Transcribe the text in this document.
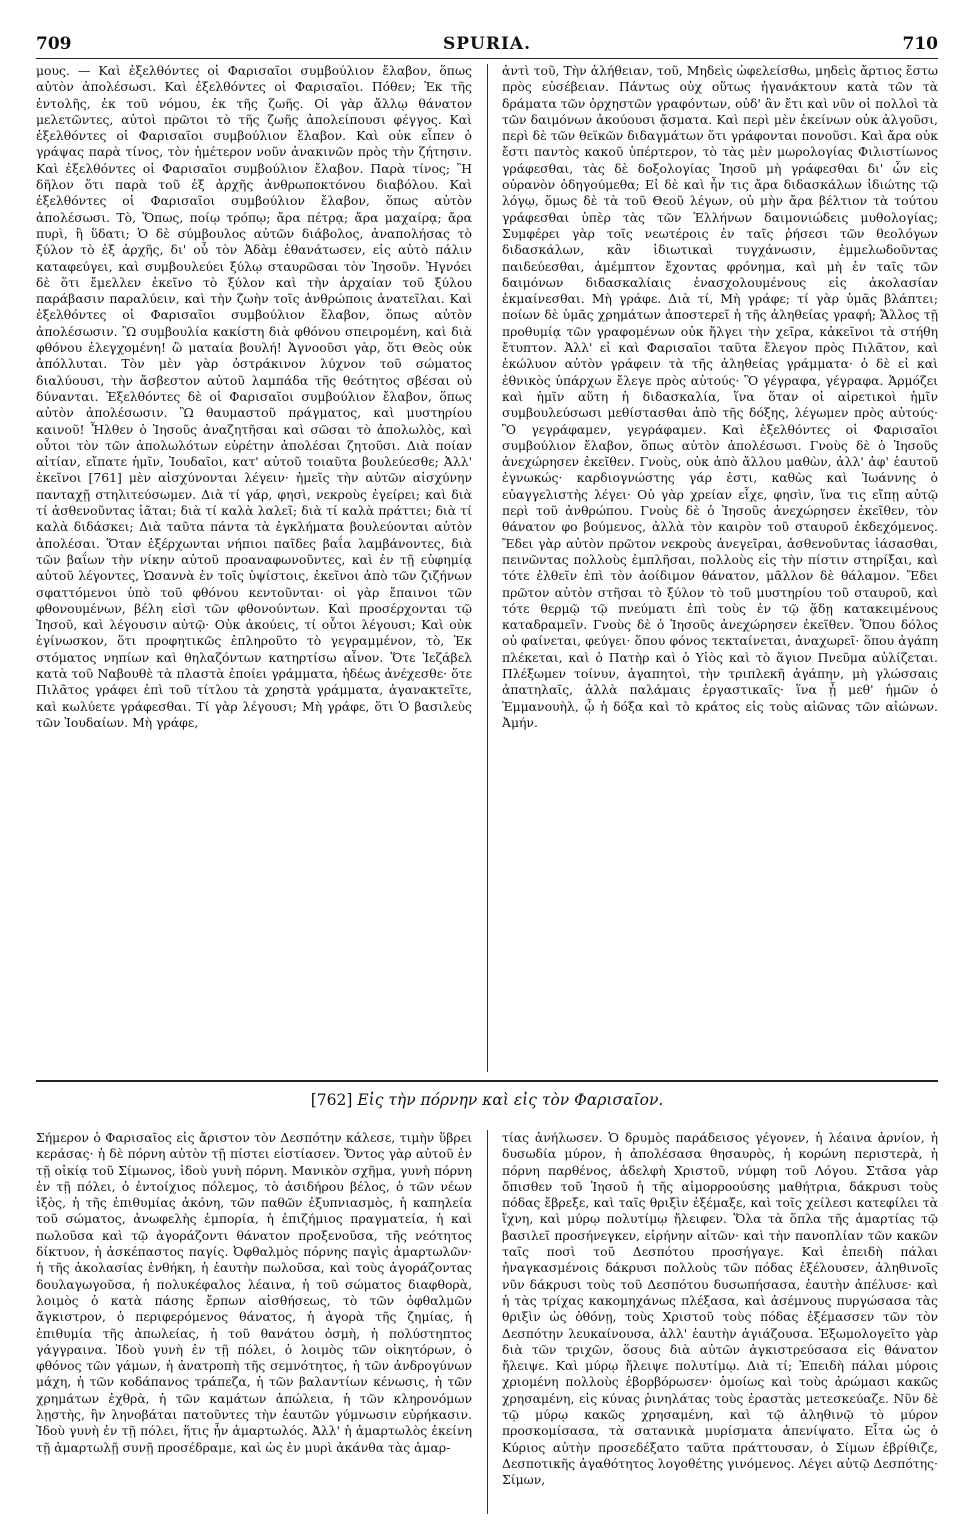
709	SPURIA.	710

μους. — Καὶ ἐξελθόντες οἱ Φαρισαῖοι συμβούλιον ἔλαβον, ὅπως αὐτὸν ἀπολέσωσι. Καὶ ἐξελθόντες οἱ Φαρισαῖοι. Πόθεν; Ἐκ τῆς ἐντολῆς, ἐκ τοῦ νόμου, ἐκ τῆς ζωῆς. Οἱ γὰρ ἄλλῳ θάνατον μελετῶντες, αὐτοὶ πρῶτοι τὸ τῆς ζωῆς ἀπολείπουσι φέγγος. Καὶ ἐξελθόντες οἱ Φαρισαῖοι συμβούλιον ἔλαβον. Καὶ οὐκ εἶπεν ὁ γράψας παρὰ τίνος, τὸν ἡμέτερον νοῦν ἀνακινῶν πρὸς τὴν ζήτησιν. Καὶ ἐξελθόντες οἱ Φαρισαῖοι συμβούλιον ἔλαβον. Παρὰ τίνος; Ἢ δῆλον ὅτι παρὰ τοῦ ἐξ ἀρχῆς ἀνθρωποκτόνου διαβόλου. Καὶ ἐξελθόντες οἱ Φαρισαῖοι συμβούλιον ἔλαβον, ὅπως αὐτὸν ἀπολέσωσι. Τὸ, Ὅπως, ποίῳ τρόπῳ; ἄρα πέτρᾳ; ἄρα μαχαίρᾳ; ἄρα πυρὶ, ἢ ὕδατι; Ὁ δὲ σύμβουλος αὐτῶν διάβολος, ἀναπολήσας τὸ ξύλον τὸ ἐξ ἀρχῆς, δι' οὗ τὸν Ἀδὰμ ἐθανάτωσεν, εἰς αὐτὸ πάλιν καταφεύγει, καὶ συμβουλεύει ξύλῳ σταυρῶσαι τὸν Ἰησοῦν. Ἠγνόει δὲ ὅτι ἔμελλεν ἐκεῖνο τὸ ξύλον καὶ τὴν ἀρχαίαν τοῦ ξύλου παράβασιν παραλύειν, καὶ τὴν ζωὴν τοῖς ἀνθρώποις ἀνατεῖλαι. Καὶ ἐξελθόντες οἱ Φαρισαῖοι συμβούλιον ἔλαβον, ὅπως αὐτὸν ἀπολέσωσιν. Ὢ συμβουλία κακίστη διὰ φθόνου σπειρομένη, καὶ διὰ φθόνου ἐλεγχομένη! ὢ ματαία βουλή! Ἀγνοοῦσι γὰρ, ὅτι Θεὸς οὐκ ἀπόλλυται. Τὸν μὲν γὰρ ὀστράκινον λύχνον τοῦ σώματος διαλύουσι, τὴν ἄσβεστον αὐτοῦ λαμπάδα τῆς θεότητος σβέσαι οὐ δύνανται. Ἐξελθόντες δὲ οἱ Φαρισαῖοι συμβούλιον ἔλαβον, ὅπως αὐτὸν ἀπολέσωσιν. Ὢ θαυμαστοῦ πράγματος, καὶ μυστηρίου καινοῦ! Ἦλθεν ὁ Ἰησοῦς ἀναζητῆσαι καὶ σῶσαι τὸ ἀπολωλὸς, καὶ οὗτοι τὸν τῶν ἀπολωλότων εὑρέτην ἀπολέσαι ζητοῦσι. Διὰ ποίαν αἰτίαν, εἴπατε ἡμῖν, Ἰουδαῖοι, κατ' αὐτοῦ τοιαῦτα βουλεύεσθε; Ἀλλ' ἐκεῖνοι [761] μὲν αἰσχύνονται λέγειν· ἡμεῖς τὴν αὐτῶν αἰσχύνην πανταχῇ στηλιτεύσωμεν. Διὰ τί γάρ, φησὶ, νεκροὺς ἐγείρει; καὶ διὰ τί ἀσθενοῦντας ἰᾶται; διὰ τί καλὰ λαλεῖ; διὰ τί καλὰ πράττει; διὰ τί καλὰ διδάσκει; Διὰ ταῦτα πάντα τὰ ἐγκλήματα βουλεύονται αὐτὸν ἀπολέσαι. Ὅταν ἐξέρχωνται νήπιοι παῖδες βαΐα λαμβάνοντες, διὰ τῶν βαΐων τὴν νίκην αὐτοῦ προαναφωνοῦντες, καὶ ἐν τῇ εὐφημίᾳ αὐτοῦ λέγοντες, Ὡσαννὰ ἐν τοῖς ὑψίστοις, ἐκεῖνοι ἀπὸ τῶν ζιζήνων σφαττόμενοι ὑπὸ τοῦ φθόνου κεντοῦνται· οἱ γὰρ ἔπαινοι τῶν φθονουμένων, βέλη εἰσὶ τῶν φθονούντων. Καὶ προσέρχονται τῷ Ἰησοῦ, καὶ λέγουσιν αὐτῷ· Οὐκ ἀκούεις, τί οὗτοι λέγουσι; Καὶ οὐκ ἐγίνωσκον, ὅτι προφητικῶς ἐπληροῦτο τὸ γεγραμμένον, τὸ, Ἐκ στόματος νηπίων καὶ θηλαζόντων κατηρτίσω αἶνον. Ὅτε Ἰεζάβελ κατὰ τοῦ Ναβουθὲ τὰ πλαστὰ ἐποίει γράμματα, ἡδέως ἀνέχεσθε· ὅτε Πιλᾶτος γράφει ἐπὶ τοῦ τίτλου τὰ χρηστὰ γράμματα, ἀγανακτεῖτε, καὶ κωλύετε γράφεσθαι. Τί γὰρ λέγουσι; Μὴ γράφε, ὅτι Ὁ βασιλεὺς τῶν Ἰουδαίων. Μὴ γράφε,

ἀντὶ τοῦ, Τὴν ἀλήθειαν, τοῦ, Μηδεὶς ὠφελείσθω, μηδεὶς ἄρτιος ἔστω πρὸς εὐσέβειαν. Πάντως οὐχ οὕτως ἠγανάκτουν κατὰ τῶν τὰ δράματα τῶν ὀρχηστῶν γραφόντων, οὐδ' ἂν ἔτι καὶ νῦν οἱ πολλοὶ τὰ τῶν δαιμόνων ἀκούουσι ᾄσματα. Καὶ περὶ μὲν ἐκείνων οὐκ ἀλγοῦσι, περὶ δὲ τῶν θεϊκῶν διδαγμάτων ὅτι γράφονται πονοῦσι. Καὶ ἄρα οὐκ ἔστι παντὸς κακοῦ ὑπέρτερον, τὸ τὰς μὲν μωρολογίας Φιλιστίωνος γράφεσθαι, τὰς δὲ δοξολογίας Ἰησοῦ μὴ γράφεσθαι δι' ὧν εἰς οὐρανὸν ὁδηγούμεθα; Εἰ δὲ καὶ ἦν τις ἄρα διδασκάλων ἰδιώτης τῷ λόγῳ, ὅμως δὲ τὰ τοῦ Θεοῦ λέγων, οὐ μὴν ἄρα βέλτιον τὰ τούτου γράφεσθαι ὑπὲρ τὰς τῶν Ἑλλήνων δαιμονιώδεις μυθολογίας; Συμφέρει γὰρ τοῖς νεωτέροις ἐν ταῖς ῥήσεσι τῶν θεολόγων διδασκάλων, κἂν ἰδιωτικαὶ τυγχάνωσιν, ἐμμελωδοῦντας παιδεύεσθαι, ἀμέμπτον ἔχοντας φρόνημα, καὶ μὴ ἐν ταῖς τῶν δαιμόνων διδασκαλίαις ἐνασχολουμένους εἰς ἀκολασίαν ἐκμαίνεσθαι. Μὴ γράφε. Διὰ τί, Μὴ γράφε; τί γὰρ ὑμᾶς βλάπτει; ποίων δὲ ὑμᾶς χρημάτων ἀποστερεῖ ἡ τῆς ἀληθείας γραφή; Ἄλλος τῇ προθυμίᾳ τῶν γραφομένων οὐκ ἤλγει τὴν χεῖρα, κἀκεῖνοι τὰ στήθη ἔτυπτον. Ἀλλ' εἰ καὶ Φαρισαῖοι ταῦτα ἔλεγον πρὸς Πιλᾶτον, καὶ ἐκώλυον αὐτὸν γράφειν τὰ τῆς ἀληθείας γράμματα· ὁ δὲ εἰ καὶ ἐθνικὸς ὑπάρχων ἔλεγε πρὸς αὐτούς· Ὃ γέγραφα, γέγραφα. Ἁρμόζει καὶ ἡμῖν αὕτη ἡ διδασκαλία, ἵνα ὅταν οἱ αἱρετικοὶ ἡμῖν συμβουλεύσωσι μεθίστασθαι ἀπὸ τῆς δόξης, λέγωμεν πρὸς αὐτούς· Ὃ γεγράφαμεν, γεγράφαμεν. Καὶ ἐξελθόντες οἱ Φαρισαῖοι συμβούλιον ἔλαβον, ὅπως αὐτὸν ἀπολέσωσι. Γνοὺς δὲ ὁ Ἰησοῦς ἀνεχώρησεν ἐκεῖθεν. Γνοὺς, οὐκ ἀπὸ ἄλλου μαθὼν, ἀλλ' ἀφ' ἑαυτοῦ ἐγνωκώς· καρδιογνώστης γάρ ἐστι, καθὼς καὶ Ἰωάννης ὁ εὐαγγελιστὴς λέγει· Οὐ γὰρ χρείαν εἶχε, φησὶν, ἵνα τις εἴπῃ αὐτῷ περὶ τοῦ ἀνθρώπου. Γνοὺς δὲ ὁ Ἰησοῦς ἀνεχώρησεν ἐκεῖθεν, τὸν θάνατον φο βούμενος, ἀλλὰ τὸν καιρὸν τοῦ σταυροῦ ἐκδεχόμενος. Ἔδει γὰρ αὐτὸν πρῶτον νεκροὺς ἀνεγεῖραι, ἀσθενοῦντας ἰάσασθαι, πεινῶντας πολλοὺς ἐμπλῆσαι, πολλοὺς εἰς τὴν πίστιν στηρίξαι, καὶ τότε ἐλθεῖν ἐπὶ τὸν ἀοίδιμον θάνατον, μᾶλλον δὲ θάλαμον. Ἔδει πρῶτον αὐτὸν στῆσαι τὸ ξύλον τὸ τοῦ μυστηρίου τοῦ σταυροῦ, καὶ τότε θερμῷ τῷ πνεύματι ἐπὶ τοὺς ἐν τῷ ᾅδῃ κατακειμένους καταδραμεῖν. Γνοὺς δὲ ὁ Ἰησοῦς ἀνεχώρησεν ἐκεῖθεν. Ὅπου δόλος οὐ φαίνεται, φεύγει· ὅπου φόνος τεκταίνεται, ἀναχωρεῖ· ὅπου ἀγάπη πλέκεται, καὶ ὁ Πατὴρ καὶ ὁ Υἱὸς καὶ τὸ ἅγιον Πνεῦμα αὐλίζεται. Πλέξωμεν τοίνυν, ἀγαπητοὶ, τὴν τριπλεκῆ ἀγάπην, μὴ γλώσσαις ἀπατηλαῖς, ἀλλὰ παλάμαις ἐργαστικαῖς· ἵνα ᾖ μεθ' ἡμῶν ὁ Ἐμμανουὴλ, ᾧ ἡ δόξα καὶ τὸ κράτος εἰς τοὺς αἰῶνας τῶν αἰώνων. Ἀμήν.

[762] Εἰς τὴν πόρνην καὶ εἰς τὸν Φαρισαῖον.

Σήμερον ὁ Φαρισαῖος εἰς ἄριστον τὸν Δεσπότην κάλεσε, τιμὴν ὕβρει κεράσας· ἡ δὲ πόρνη αὐτὸν τῇ πίστει εἱστίασεν. Ὄντος γὰρ αὐτοῦ ἐν τῇ οἰκίᾳ τοῦ Σίμωνος, ἰδοὺ γυνὴ πόρνη. Μανικὸν σχῆμα, γυνὴ πόρνη ἐν τῇ πόλει, ὁ ἐντοίχιος πόλεμος, τὸ ἀσιδήρου βέλος, ὁ τῶν νέων ἰξὸς, ἡ τῆς ἐπιθυμίας ἀκόνη, τῶν παθῶν ἐξυπνιασμὸς, ἡ καπηλεία τοῦ σώματος, ἀνωφελὴς ἐμπορία, ἡ ἐπιζήμιος πραγματεία, ἡ καὶ πωλοῦσα καὶ τῷ ἀγοράζοντι θάνατον προξενοῦσα, τῆς νεότητος δίκτυον, ἡ ἀσκέπαστος παγίς. Ὀφθαλμὸς πόρνης παγὶς ἁμαρτωλῶν· ἡ τῆς ἀκολασίας ἐνθήκη, ἡ ἑαυτὴν πωλοῦσα, καὶ τοὺς ἀγοράζοντας δουλαγωγοῦσα, ἡ πολυκέφαλος λέαινα, ἡ τοῦ σώματος διαφθορὰ, λοιμὸς ὁ κατὰ πάσης ἔρπων αἰσθήσεως, τὸ τῶν ὀφθαλμῶν ἄγκιστρον, ὁ περιφερόμενος θάνατος, ἡ ἀγορὰ τῆς ζημίας, ἡ ἐπιθυμία τῆς ἀπωλείας, ἡ τοῦ θανάτου ὀσμὴ, ἡ πολύστηπτος γάγγραινα. Ἰδοὺ γυνὴ ἐν τῇ πόλει, ὁ λοιμὸς τῶν οἰκητόρων, ὁ φθόνος τῶν γάμων, ἡ ἀνατροπὴ τῆς σεμνότητος, ἡ τῶν ἀνδρογύνων μάχη, ἡ τῶν κοδάπανος τράπεζα, ἡ τῶν βαλαντίων κένωσις, ἡ τῶν χρημάτων ἐχθρὰ, ἡ τῶν καμάτων ἀπώλεια, ἡ τῶν κληρονόμων λῃστὴς, ἣν ληνοβάται πατοῦντες τὴν ἑαυτῶν γύμνωσιν εὑρήκασιν. Ἰδοὺ γυνὴ ἐν τῇ πόλει, ἥτις ἦν ἁμαρτωλός. Ἀλλ' ἡ ἁμαρτωλὸς ἐκείνη τῇ ἁμαρτωλῇ συνῇ προσέδραμε, καὶ ὡς ἐν μυρὶ ἀκάνθα τὰς ἁμαρ-

τίας ἀνήλωσεν. Ὁ δρυμὸς παράδεισος γέγονεν, ἡ λέαινα ἀρνίον, ἡ δυσωδία μύρον, ἡ ἀπολέσασα θησαυρὸς, ἡ κορώνη περιστερὰ, ἡ πόρνη παρθένος, ἀδελφὴ Χριστοῦ, νύμφη τοῦ Λόγου. Στᾶσα γὰρ ὄπισθεν τοῦ Ἰησοῦ ἡ τῆς αἱμορροούσης μαθήτρια, δάκρυσι τοὺς πόδας ἔβρεξε, καὶ ταῖς θριξὶν ἐξέμαξε, καὶ τοῖς χείλεσι κατεφίλει τὰ ἴχνη, καὶ μύρῳ πολυτίμῳ ἤλειφεν. Ὅλα τὰ ὅπλα τῆς ἁμαρτίας τῷ βασιλεῖ προσήνεγκεν, εἰρήνην αἰτῶν· καὶ τὴν πανοπλίαν τῶν κακῶν ταῖς ποσὶ τοῦ Δεσπότου προσήγαγε. Καὶ ἐπειδὴ πάλαι ἠναγκασμένοις δάκρυσι πολλοὺς τῶν πόδας ἐξέλουσεν, ἀληθινοῖς νῦν δάκρυσι τοὺς τοῦ Δεσπότου δυσωπήσασα, ἑαυτὴν ἀπέλυσε· καὶ ἡ τὰς τρίχας κακομηχάνως πλέξασα, καὶ ἀσέμνους πυργώσασα τὰς θριξὶν ὡς ὀθόνῃ, τοὺς Χριστοῦ τοὺς πόδας ἐξέμασσεν τῶν τὸν Δεσπότην λευκαίνουσα, ἀλλ' ἑαυτὴν ἁγιάζουσα. Ἐξωμολογεῖτο γὰρ διὰ τῶν τριχῶν, ὅσους διὰ αὐτῶν ἀγκιστρεύσασα εἰς θάνατον ἤλειψε. Καὶ μύρῳ ἤλειψε πολυτίμῳ. Διὰ τί; Ἐπειδὴ πάλαι μύροις χριομένη πολλοὺς ἐβορβόρωσεν· ὁμοίως καὶ τοὺς ἀρώμασι κακῶς χρησαμένη, εἰς κύνας ῥινηλάτας τοὺς ἐραστὰς μετεσκεύαζε. Νῦν δὲ τῷ μύρῳ κακῶς χρησαμένη, καὶ τῷ ἀληθινῷ τὸ μύρον προσκομίσασα, τὰ σατανικὰ μυρίσματα ἀπενίψατο. Εἶτα ὡς ὁ Κύριος αὐτὴν προσεδέξατο ταῦτα πράττουσαν, ὁ Σίμων ἐβρίθιζε, Δεσποτικῆς ἀγαθότητος λογοθέτης γινόμενος. Λέγει αὐτῷ Δεσπότης· Σίμων,
